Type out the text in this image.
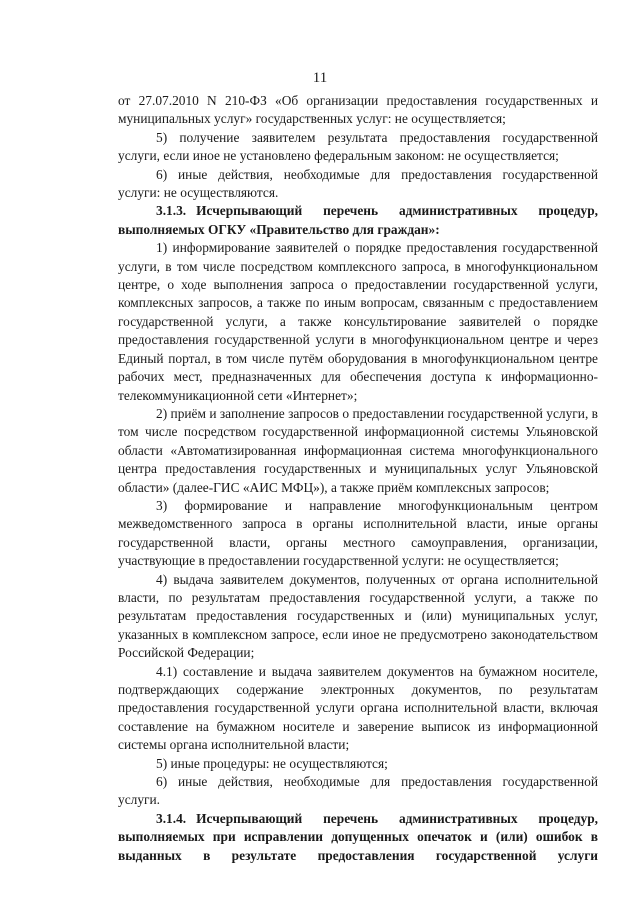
11

от 27.07.2010 N 210-ФЗ «Об организации предоставления государственных и муниципальных услуг» государственных услуг: не осуществляется;

5) получение заявителем результата предоставления государственной услуги, если иное не установлено федеральным законом: не осуществляется;

6) иные действия, необходимые для предоставления государственной услуги: не осуществляются.

3.1.3. Исчерпывающий перечень административных процедур, выполняемых ОГКУ «Правительство для граждан»:

1) информирование заявителей о порядке предоставления государственной услуги, в том числе посредством комплексного запроса, в многофункциональном центре, о ходе выполнения запроса о предоставлении государственной услуги, комплексных запросов, а также по иным вопросам, связанным с предоставлением государственной услуги, а также консультирование заявителей о порядке предоставления государственной услуги в многофункциональном центре и через Единый портал, в том числе путём оборудования в многофункциональном центре рабочих мест, предназначенных для обеспечения доступа к информационно-телекоммуникационной сети «Интернет»;

2) приём и заполнение запросов о предоставлении государственной услуги, в том числе посредством государственной информационной системы Ульяновской области «Автоматизированная информационная система многофункционального центра предоставления государственных и муниципальных услуг Ульяновской области» (далее-ГИС «АИС МФЦ»), а также приём комплексных запросов;

3) формирование и направление многофункциональным центром межведомственного запроса в органы исполнительной власти, иные органы государственной власти, органы местного самоуправления, организации, участвующие в предоставлении государственной услуги: не осуществляется;

4) выдача заявителем документов, полученных от органа исполнительной власти, по результатам предоставления государственной услуги, а также по результатам предоставления государственных и (или) муниципальных услуг, указанных в комплексном запросе, если иное не предусмотрено законодательством Российской Федерации;

4.1) составление и выдача заявителем документов на бумажном носителе, подтверждающих содержание электронных документов, по результатам предоставления государственной услуги органа исполнительной власти, включая составление на бумажном носителе и заверение выписок из информационной системы органа исполнительной власти;

5) иные процедуры: не осуществляются;

6) иные действия, необходимые для предоставления государственной услуги.

3.1.4. Исчерпывающий перечень административных процедур, выполняемых при исправлении допущенных опечаток и (или) ошибок в выданных в результате предоставления государственной услуги
